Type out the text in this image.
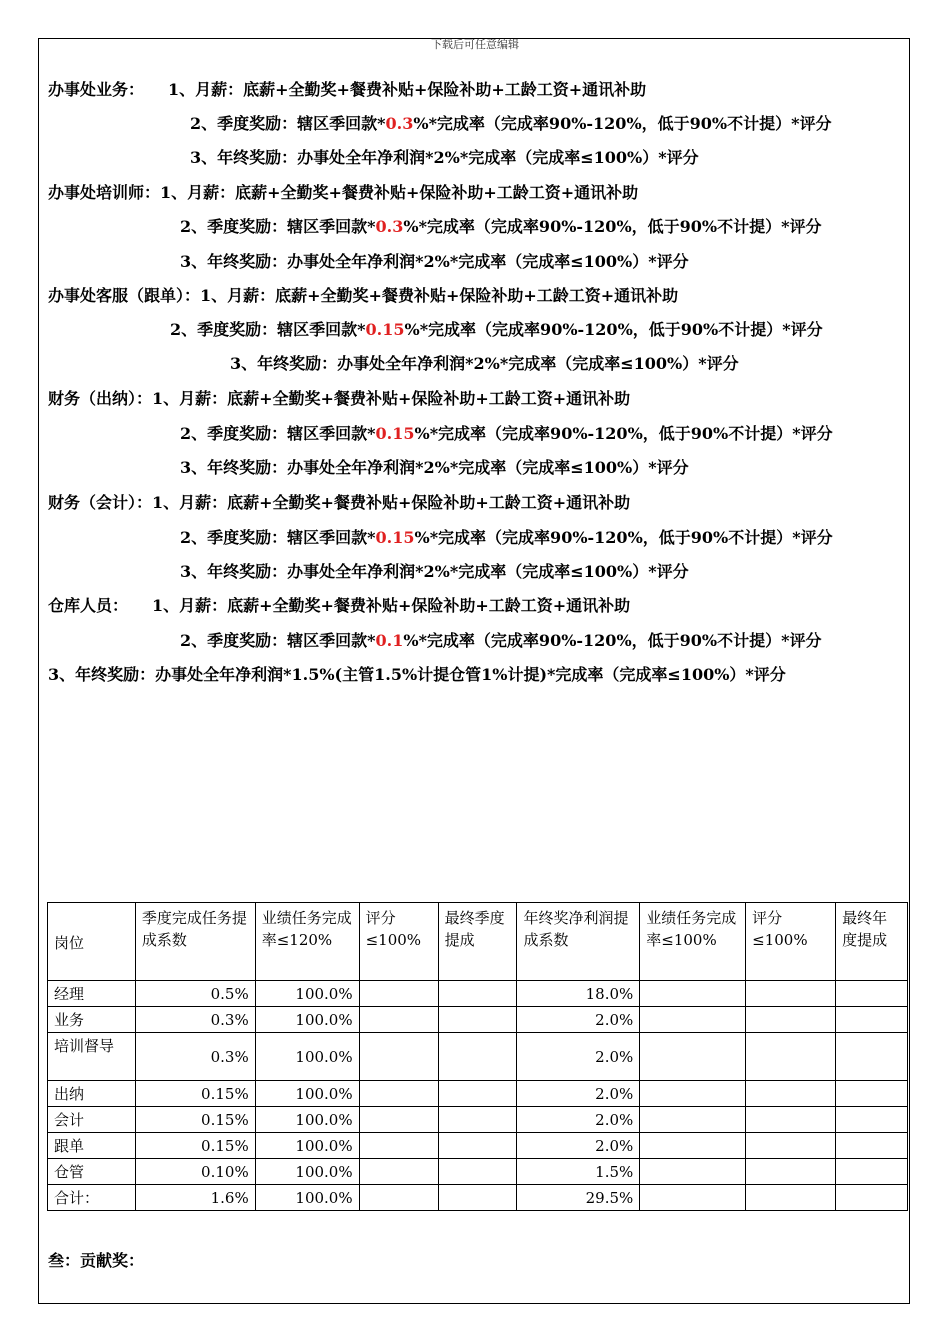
下载后可任意编辑
办事处业务：　　1、月薪：底薪+全勤奖+餐费补贴+保险补助+工龄工资+通讯补助
2、季度奖励：辖区季回款*0.3%*完成率（完成率90%-120%，低于90%不计提）*评分
3、年终奖励：办事处全年净利润*2%*完成率（完成率≤100%）*评分
办事处培训师：1、月薪：底薪+全勤奖+餐费补贴+保险补助+工龄工资+通讯补助
2、季度奖励：辖区季回款*0.3%*完成率（完成率90%-120%，低于90%不计提）*评分
3、年终奖励：办事处全年净利润*2%*完成率（完成率≤100%）*评分
办事处客服（跟单）：1、月薪：底薪+全勤奖+餐费补贴+保险补助+工龄工资+通讯补助
2、季度奖励：辖区季回款*0.15%*完成率（完成率90%-120%，低于90%不计提）*评分
3、年终奖励：办事处全年净利润*2%*完成率（完成率≤100%）*评分
财务（出纳）：1、月薪：底薪+全勤奖+餐费补贴+保险补助+工龄工资+通讯补助
2、季度奖励：辖区季回款*0.15%*完成率（完成率90%-120%，低于90%不计提）*评分
3、年终奖励：办事处全年净利润*2%*完成率（完成率≤100%）*评分
财务（会计）：1、月薪：底薪+全勤奖+餐费补贴+保险补助+工龄工资+通讯补助
2、季度奖励：辖区季回款*0.15%*完成率（完成率90%-120%，低于90%不计提）*评分
3、年终奖励：办事处全年净利润*2%*完成率（完成率≤100%）*评分
仓库人员：　　1、月薪：底薪+全勤奖+餐费补贴+保险补助+工龄工资+通讯补助
2、季度奖励：辖区季回款*0.1%*完成率（完成率90%-120%，低于90%不计提）*评分
3、年终奖励：办事处全年净利润*1.5%(主管1.5%计提仓管1%计提)*完成率（完成率≤100%）*评分
岗位	季度完成任务提成系数	业绩任务完成率≤120%	评分≤100%	最终季度提成	年终奖净利润提成系数	业绩任务完成率≤100%	评分≤100%	最终年度提成
经理	0.5%	100.0%			18.0%			
业务	0.3%	100.0%			2.0%			
培训督导	0.3%	100.0%			2.0%			
出纳	0.15%	100.0%			2.0%			
会计	0.15%	100.0%			2.0%			
跟单	0.15%	100.0%			2.0%			
仓管	0.10%	100.0%			1.5%			
合计：	1.6%	100.0%			29.5%			
叁：贡献奖：
